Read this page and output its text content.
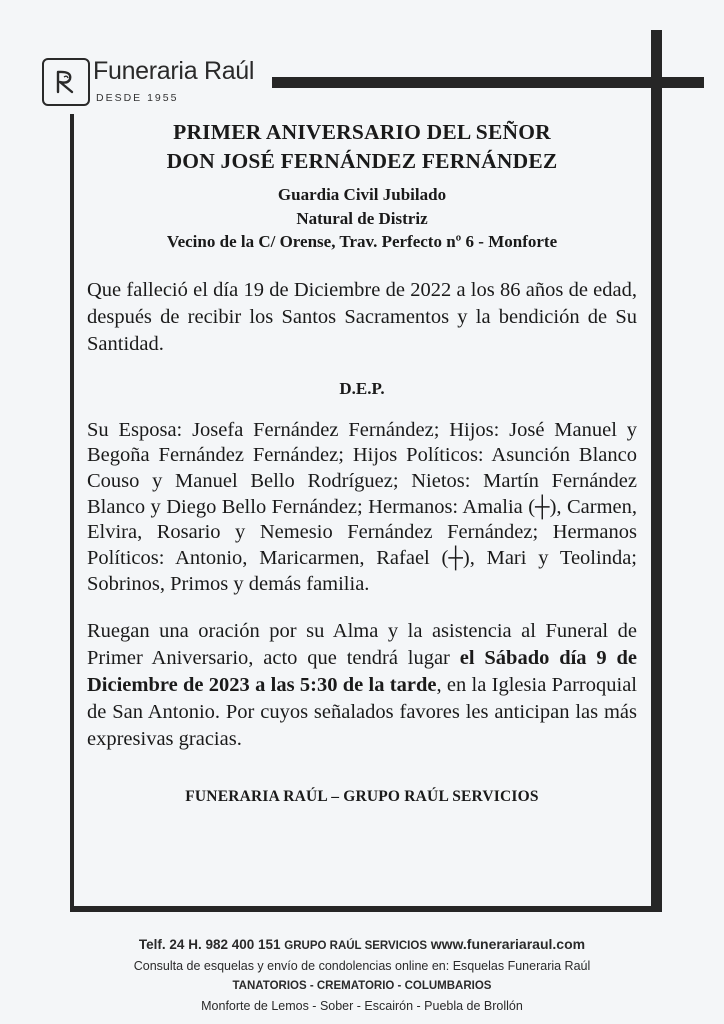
Funeraria Raúl
DESDE 1955

PRIMER ANIVERSARIO DEL SEÑOR

DON JOSÉ FERNÁNDEZ FERNÁNDEZ

Guardia Civil Jubilado

Natural de Distriz

Vecino de la C/ Orense, Trav. Perfecto nº 6 - Monforte

Que falleció el día 19 de Diciembre de 2022 a los 86 años de edad, después de recibir los Santos Sacramentos y la bendición de Su Santidad.

D.E.P.

Su Esposa: Josefa Fernández Fernández; Hijos: José Manuel y Begoña Fernández Fernández; Hijos Políticos: Asunción Blanco Couso y Manuel Bello Rodríguez; Nietos: Martín Fernández Blanco y Diego Bello Fernández; Hermanos: Amalia (┼), Carmen, Elvira, Rosario y Nemesio Fernández Fernández; Hermanos Políticos: Antonio, Maricarmen, Rafael (┼), Mari y Teolinda; Sobrinos, Primos y demás familia.

Ruegan una oración por su Alma y la asistencia al Funeral de Primer Aniversario, acto que tendrá lugar el Sábado día 9 de Diciembre de 2023 a las 5:30 de la tarde, en la Iglesia Parroquial de San Antonio. Por cuyos señalados favores les anticipan las más expresivas gracias.

FUNERARIA RAÚL – GRUPO RAÚL SERVICIOS
Telf. 24 H. 982 400 151 GRUPO RAÚL SERVICIOS www.funerariaraul.com
Consulta de esquelas y envío de condolencias online en: Esquelas Funeraria Raúl
TANATORIOS - CREMATORIO - COLUMBARIOS
Monforte de Lemos - Sober - Escairón - Puebla de Brollón
